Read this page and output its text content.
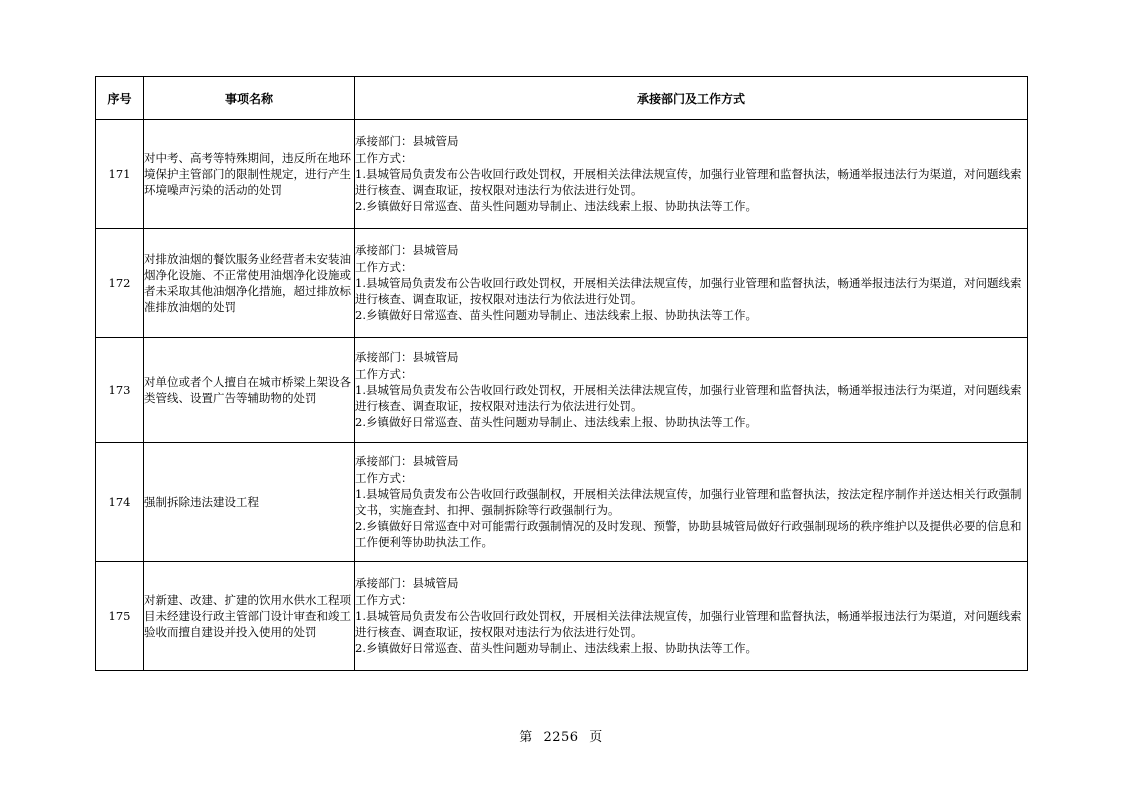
序号	事项名称	承接部门及工作方式
171	对中考、高考等特殊期间，违反所在地环境保护主管部门的限制性规定，进行产生环境噪声污染的活动的处罚	承接部门：县城管局
工作方式：
1.县城管局负责发布公告收回行政处罚权，开展相关法律法规宣传，加强行业管理和监督执法，畅通举报违法行为渠道，对问题线索进行核查、调查取证，按权限对违法行为依法进行处罚。
2.乡镇做好日常巡查、苗头性问题劝导制止、违法线索上报、协助执法等工作。

172	对排放油烟的餐饮服务业经营者未安装油烟净化设施、不正常使用油烟净化设施或者未采取其他油烟净化措施，超过排放标准排放油烟的处罚	承接部门：县城管局
工作方式：
1.县城管局负责发布公告收回行政处罚权，开展相关法律法规宣传，加强行业管理和监督执法，畅通举报违法行为渠道，对问题线索进行核查、调查取证，按权限对违法行为依法进行处罚。
2.乡镇做好日常巡查、苗头性问题劝导制止、违法线索上报、协助执法等工作。

173	对单位或者个人擅自在城市桥梁上架设各类管线、设置广告等辅助物的处罚	承接部门：县城管局
工作方式：
1.县城管局负责发布公告收回行政处罚权，开展相关法律法规宣传，加强行业管理和监督执法，畅通举报违法行为渠道，对问题线索进行核查、调查取证，按权限对违法行为依法进行处罚。
2.乡镇做好日常巡查、苗头性问题劝导制止、违法线索上报、协助执法等工作。

174	强制拆除违法建设工程	承接部门：县城管局
工作方式：
1.县城管局负责发布公告收回行政强制权，开展相关法律法规宣传，加强行业管理和监督执法，按法定程序制作并送达相关行政强制文书，实施查封、扣押、强制拆除等行政强制行为。
2.乡镇做好日常巡查中对可能需行政强制情况的及时发现、预警，协助县城管局做好行政强制现场的秩序维护以及提供必要的信息和工作便利等协助执法工作。

175	对新建、改建、扩建的饮用水供水工程项目未经建设行政主管部门设计审查和竣工验收而擅自建设并投入使用的处罚	承接部门：县城管局
工作方式：
1.县城管局负责发布公告收回行政处罚权，开展相关法律法规宣传，加强行业管理和监督执法，畅通举报违法行为渠道，对问题线索进行核查、调查取证，按权限对违法行为依法进行处罚。
2.乡镇做好日常巡查、苗头性问题劝导制止、违法线索上报、协助执法等工作。
第 2256 页
